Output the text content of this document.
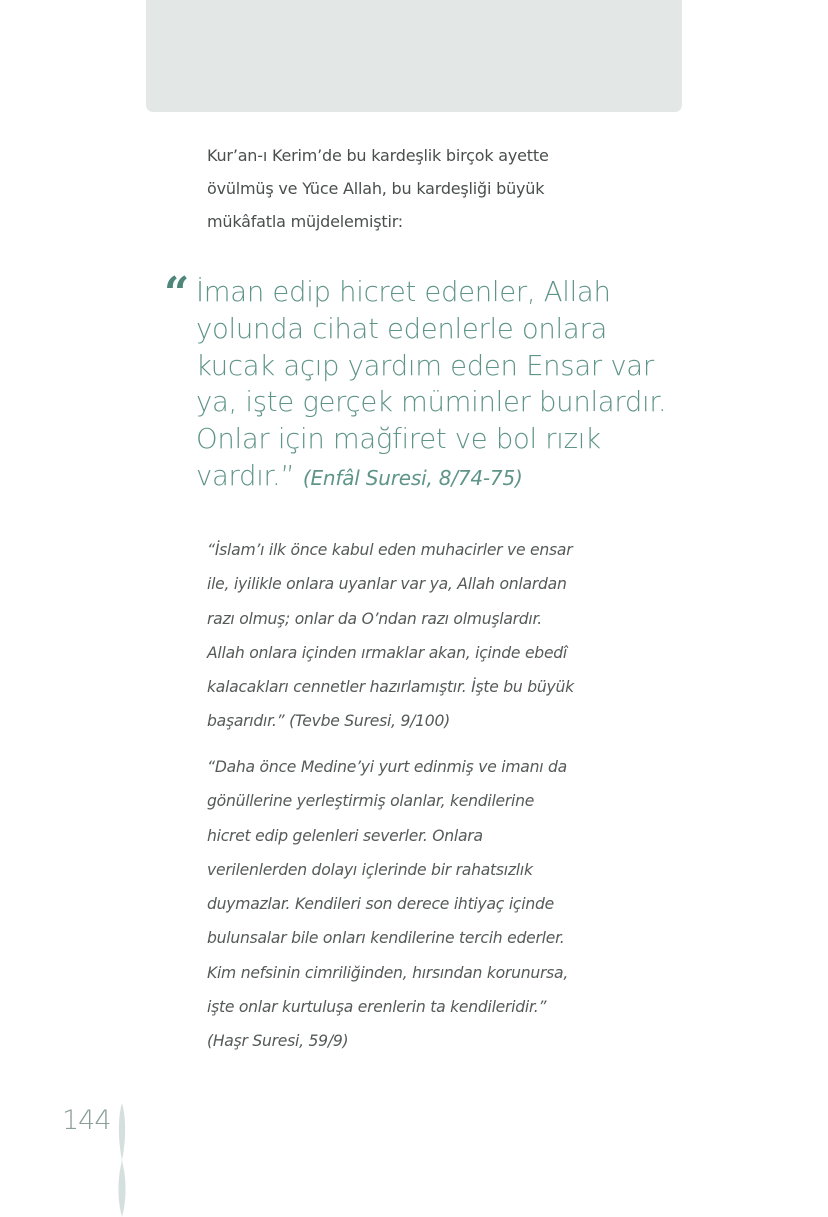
Kur’an-ı Kerim’de bu kardeşlik birçok ayette
övülmüş ve Yüce Allah, bu kardeşliği büyük
mükâfatla müjdelemiştir:

“ İman edip hicret edenler, Allah
yolunda cihat edenlerle onlara
kucak açıp yardım eden Ensar var
ya, işte gerçek müminler bunlardır.
Onlar için mağfiret ve bol rızık
vardır.” (Enfâl Suresi, 8/74-75)

“İslam’ı ilk önce kabul eden muhacirler ve ensar
ile, iyilikle onlara uyanlar var ya, Allah onlardan
razı olmuş; onlar da O’ndan razı olmuşlardır.
Allah onlara içinden ırmaklar akan, içinde ebedî
kalacakları cennetler hazırlamıştır. İşte bu büyük
başarıdır.” (Tevbe Suresi, 9/100)

“Daha önce Medine’yi yurt edinmiş ve imanı da
gönüllerine yerleştirmiş olanlar, kendilerine
hicret edip gelenleri severler. Onlara
verilenlerden dolayı içlerinde bir rahatsızlık
duymazlar. Kendileri son derece ihtiyaç içinde
bulunsalar bile onları kendilerine tercih ederler.
Kim nefsinin cimriliğinden, hırsından korunursa,
işte onlar kurtuluşa erenlerin ta kendileridir.”
(Haşr Suresi, 59/9)

144
